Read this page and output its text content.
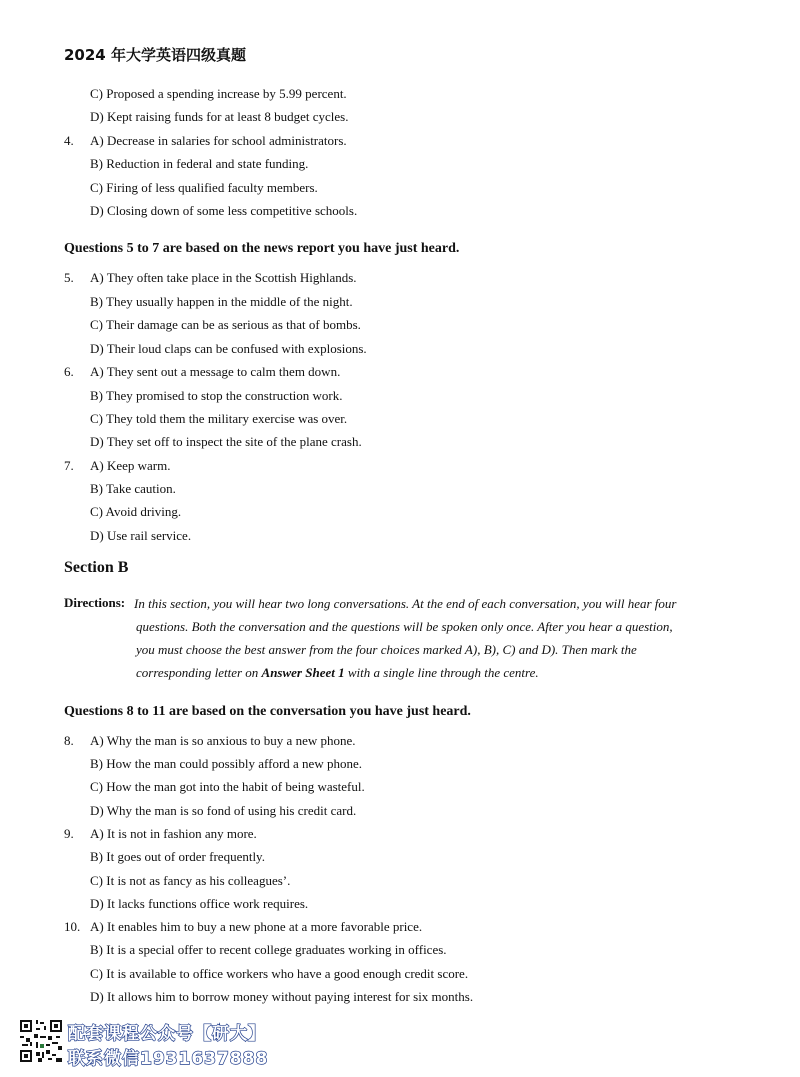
2024 年大学英语四级真题
C) Proposed a spending increase by 5.99 percent.
D) Kept raising funds for at least 8 budget cycles.
4. A) Decrease in salaries for school administrators.
B) Reduction in federal and state funding.
C) Firing of less qualified faculty members.
D) Closing down of some less competitive schools.
Questions 5 to 7 are based on the news report you have just heard.
5. A) They often take place in the Scottish Highlands.
B) They usually happen in the middle of the night.
C) Their damage can be as serious as that of bombs.
D) Their loud claps can be confused with explosions.
6. A) They sent out a message to calm them down.
B) They promised to stop the construction work.
C) They told them the military exercise was over.
D) They set off to inspect the site of the plane crash.
7. A) Keep warm.
B) Take caution.
C) Avoid driving.
D) Use rail service.
Section B
Directions: In this section, you will hear two long conversations. At the end of each conversation, you will hear four
questions. Both the conversation and the questions will be spoken only once. After you hear a question,
you must choose the best answer from the four choices marked A), B), C) and D). Then mark the
corresponding letter on Answer Sheet 1 with a single line through the centre.
Questions 8 to 11 are based on the conversation you have just heard.
8. A) Why the man is so anxious to buy a new phone.
B) How the man could possibly afford a new phone.
C) How the man got into the habit of being wasteful.
D) Why the man is so fond of using his credit card.
9. A) It is not in fashion any more.
B) It goes out of order frequently.
C) It is not as fancy as his colleagues’.
D) It lacks functions office work requires.
10. A) It enables him to buy a new phone at a more favorable price.
B) It is a special offer to recent college graduates working in offices.
C) It is available to office workers who have a good enough credit score.
D) It allows him to borrow money without paying interest for six months.
配套课程公众号【研大】
联系微信1931637888
